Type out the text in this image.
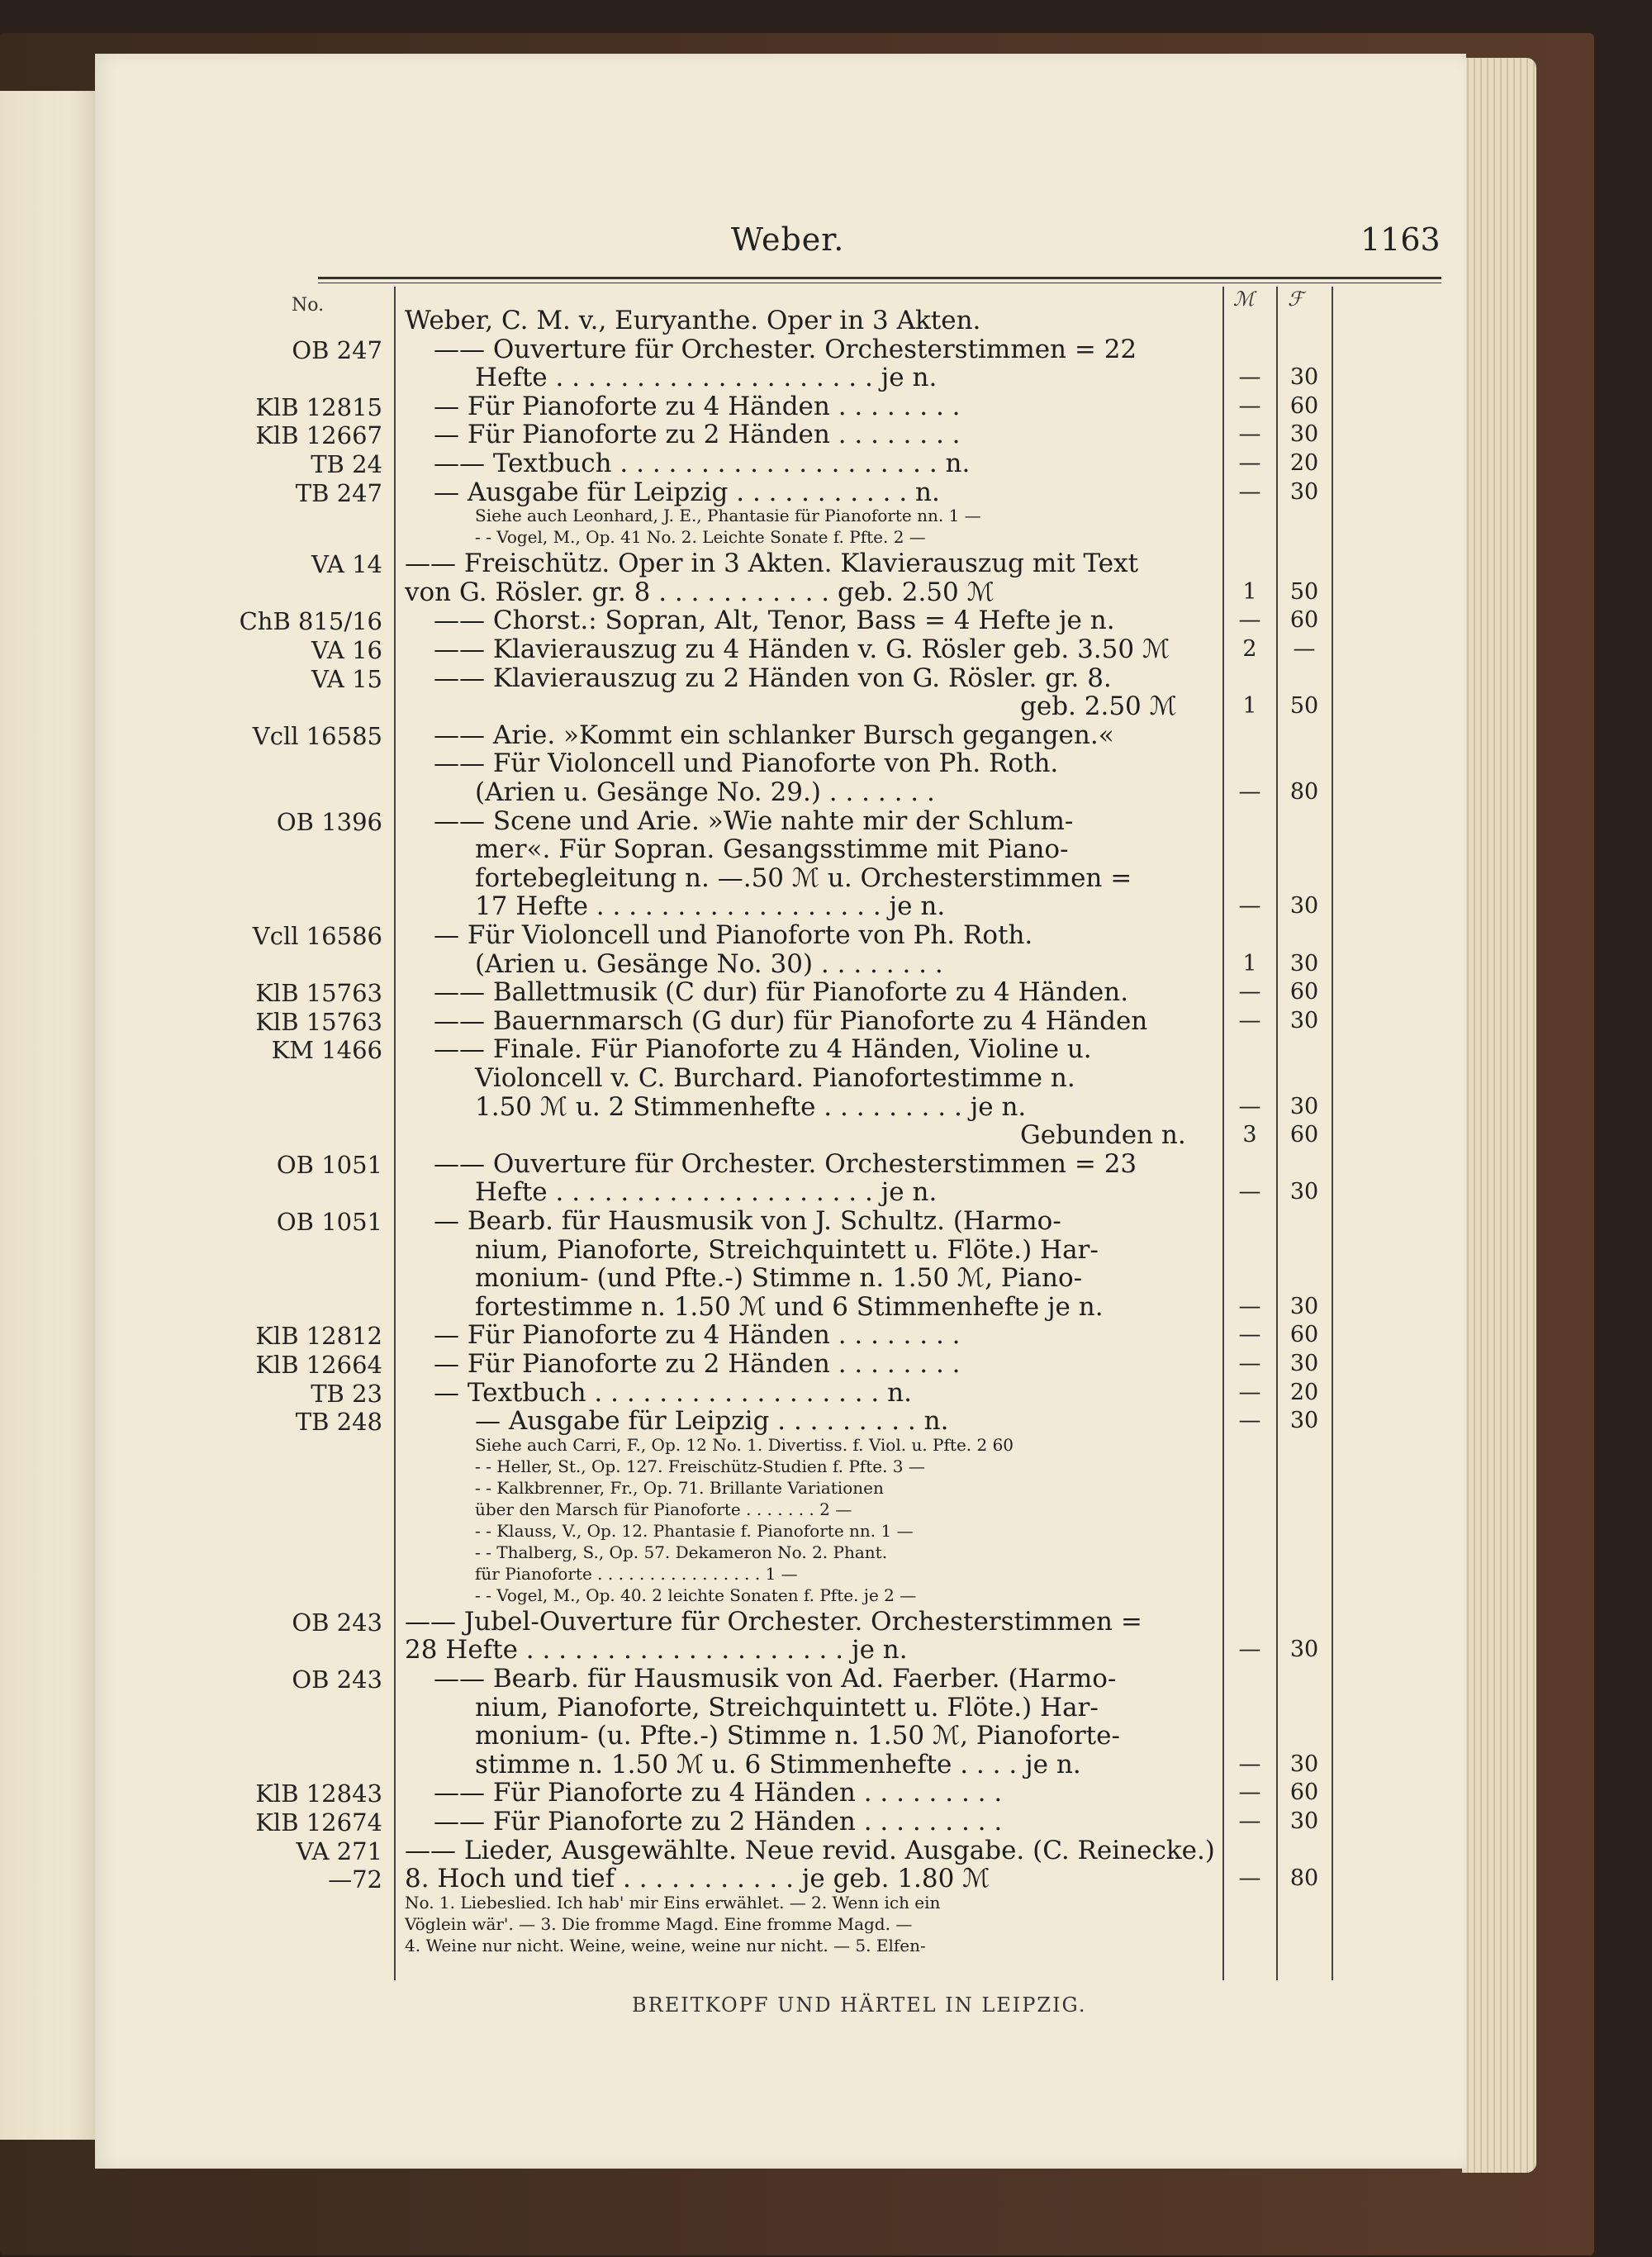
Weber.	1163
No.	ℳ ℱ
Weber, C. M. v., Euryanthe. Oper in 3 Akten.
OB 247 —— Ouverture für Orchester. Orchesterstimmen = 22
Hefte . . . . . . . . . . . . . . . . . . . . je n.	—	30
KlB 12815 — Für Pianoforte zu 4 Händen . . . . . . . .	—	60
KlB 12667 — Für Pianoforte zu 2 Händen . . . . . . . .	—	30
TB 24 —— Textbuch . . . . . . . . . . . . . . . . . . . . n.	—	20
TB 247 — Ausgabe für Leipzig . . . . . . . . . . . n.	—	30
Siehe auch Leonhard, J. E., Phantasie für Pianoforte nn. 1 —
- - Vogel, M., Op. 41 No. 2. Leichte Sonate f. Pfte. 2 —
VA 14 —— Freischütz. Oper in 3 Akten. Klavierauszug mit Text
von G. Rösler. gr. 8 . . . . . . . . . . . geb. 2.50 ℳ	1	50
ChB 815/16 —— Chorst.: Sopran, Alt, Tenor, Bass = 4 Hefte je n.	—	60
VA 16 —— Klavierauszug zu 4 Händen v. G. Rösler geb. 3.50 ℳ	2	—
VA 15 —— Klavierauszug zu 2 Händen von G. Rösler. gr. 8.
geb. 2.50 ℳ	1	50
Vcll 16585 —— Arie. »Kommt ein schlanker Bursch gegangen.«
—— Für Violoncell und Pianoforte von Ph. Roth.
(Arien u. Gesänge No. 29.) . . . . . . .	—	80
OB 1396 —— Scene und Arie. »Wie nahte mir der Schlum-
mer«. Für Sopran. Gesangsstimme mit Piano-
fortebegleitung n. —.50 ℳ u. Orchesterstimmen =
17 Hefte . . . . . . . . . . . . . . . . . . je n.	—	30
Vcll 16586 — Für Violoncell und Pianoforte von Ph. Roth.
(Arien u. Gesänge No. 30) . . . . . . . .	1	30
KlB 15763 —— Ballettmusik (C dur) für Pianoforte zu 4 Händen.	—	60
KlB 15763 —— Bauernmarsch (G dur) für Pianoforte zu 4 Händen	—	30
KM 1466 —— Finale. Für Pianoforte zu 4 Händen, Violine u.
Violoncell v. C. Burchard. Pianofortestimme n.
1.50 ℳ u. 2 Stimmenhefte . . . . . . . . . je n.	—	30
Gebunden n.	3	60
OB 1051 —— Ouverture für Orchester. Orchesterstimmen = 23
Hefte . . . . . . . . . . . . . . . . . . . . je n.	—	30
OB 1051 — Bearb. für Hausmusik von J. Schultz. (Harmo-
nium, Pianoforte, Streichquintett u. Flöte.) Har-
monium- (und Pfte.-) Stimme n. 1.50 ℳ, Piano-
fortestimme n. 1.50 ℳ und 6 Stimmenhefte je n.	—	30
KlB 12812 — Für Pianoforte zu 4 Händen . . . . . . . .	—	60
KlB 12664 — Für Pianoforte zu 2 Händen . . . . . . . .	—	30
TB 23 — Textbuch . . . . . . . . . . . . . . . . . . n.	—	20
TB 248	— Ausgabe für Leipzig . . . . . . . . . n.	—	30
Siehe auch Carri, F., Op. 12 No. 1. Divertiss. f. Viol. u. Pfte. 2 60
- - Heller, St., Op. 127. Freischütz-Studien f. Pfte. 3 —
- - Kalkbrenner, Fr., Op. 71. Brillante Variationen
über den Marsch für Pianoforte . . . . . . . 2 —
- - Klauss, V., Op. 12. Phantasie f. Pianoforte nn. 1 —
- - Thalberg, S., Op. 57. Dekameron No. 2. Phant.
für Pianoforte . . . . . . . . . . . . . . . . 1 —
- - Vogel, M., Op. 40. 2 leichte Sonaten f. Pfte. je 2 —
OB 243 —— Jubel-Ouverture für Orchester. Orchesterstimmen =
28 Hefte . . . . . . . . . . . . . . . . . . . . je n.	—	30
OB 243 —— Bearb. für Hausmusik von Ad. Faerber. (Harmo-
nium, Pianoforte, Streichquintett u. Flöte.) Har-
monium- (u. Pfte.-) Stimme n. 1.50 ℳ, Pianoforte-
stimme n. 1.50 ℳ u. 6 Stimmenhefte . . . . je n.	—	30
KlB 12843 —— Für Pianoforte zu 4 Händen . . . . . . . . .	—	60
KlB 12674 —— Für Pianoforte zu 2 Händen . . . . . . . . .	—	30
VA 271 —— Lieder, Ausgewählte. Neue revid. Ausgabe. (C. Reinecke.)
—72 8. Hoch und tief . . . . . . . . . . . je geb. 1.80 ℳ	—	80
No. 1. Liebeslied. Ich hab' mir Eins erwählet. — 2. Wenn ich ein
Vöglein wär'. — 3. Die fromme Magd. Eine fromme Magd. —
4. Weine nur nicht. Weine, weine, weine nur nicht. — 5. Elfen-
BREITKOPF UND HÄRTEL IN LEIPZIG.
